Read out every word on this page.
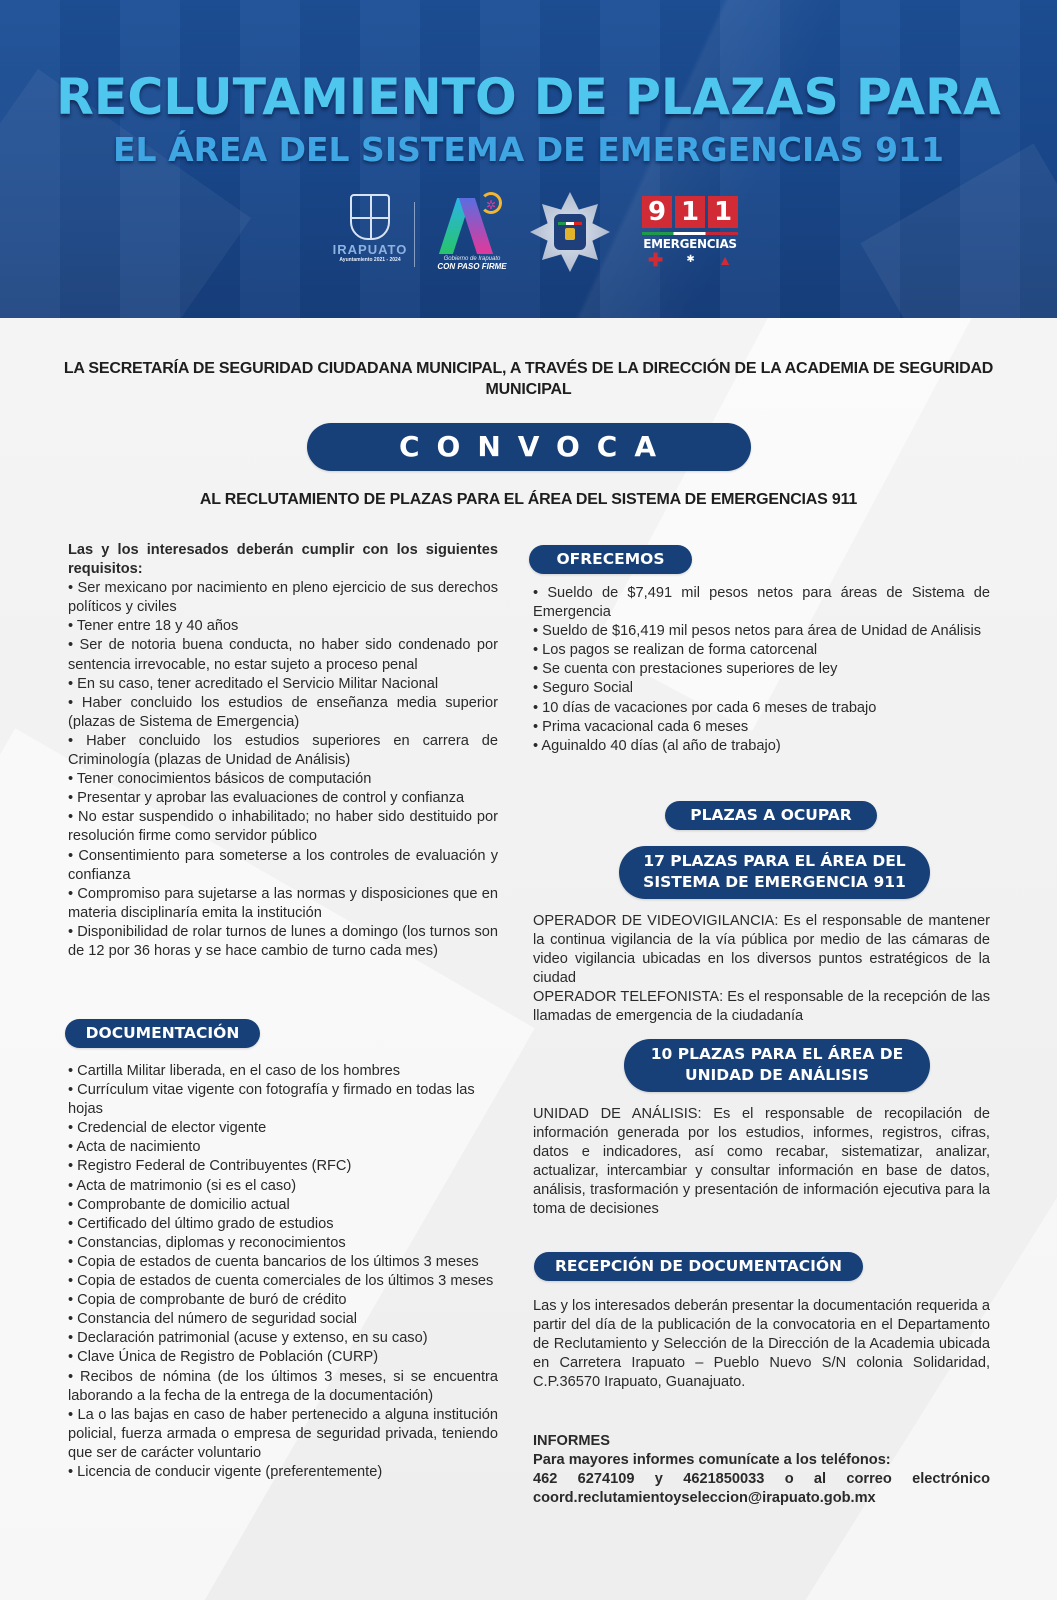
RECLUTAMIENTO DE PLAZAS PARA
EL ÁREA DEL SISTEMA DE EMERGENCIAS 911
IRAPUATO
Ayuntamiento 2021 - 2024
✲
Gobierno de Irapuato
CON PASO FIRME
9 1 1
EMERGENCIAS
✚ ✱ ▲
LA SECRETARÍA DE SEGURIDAD CIUDADANA MUNICIPAL, A TRAVÉS DE LA DIRECCIÓN DE LA ACADEMIA DE SEGURIDAD MUNICIPAL
CONVOCA
AL RECLUTAMIENTO DE PLAZAS PARA EL ÁREA DEL SISTEMA DE EMERGENCIAS 911
Las y los interesados deberán cumplir con los siguientes requisitos:
• Ser mexicano por nacimiento en pleno ejercicio de sus derechos políticos y civiles
• Tener entre 18 y 40 años
• Ser de notoria buena conducta, no haber sido condenado por sentencia irrevocable, no estar sujeto a proceso penal
• En su caso, tener acreditado el Servicio Militar Nacional
• Haber concluido los estudios de enseñanza media superior (plazas de Sistema de Emergencia)
• Haber concluido los estudios superiores en carrera de Criminología (plazas de Unidad de Análisis)
• Tener conocimientos básicos de computación
• Presentar y aprobar las evaluaciones de control y confianza
• No estar suspendido o inhabilitado; no haber sido destituido por resolución firme como servidor público
• Consentimiento para someterse a los controles de evaluación y confianza
• Compromiso para sujetarse a las normas y disposiciones que en materia disciplinaría emita la institución
• Disponibilidad de rolar turnos de lunes a domingo (los turnos son de 12 por 36 horas y se hace cambio de turno cada mes)
DOCUMENTACIÓN
• Cartilla Militar liberada, en el caso de los hombres
• Currículum vitae vigente con fotografía y firmado en todas las hojas
• Credencial de elector vigente
• Acta de nacimiento
• Registro Federal de Contribuyentes (RFC)
• Acta de matrimonio (si es el caso)
• Comprobante de domicilio actual
• Certificado del último grado de estudios
• Constancias, diplomas y reconocimientos
• Copia de estados de cuenta bancarios de los últimos 3 meses
• Copia de estados de cuenta comerciales de los últimos 3 meses
• Copia de comprobante de buró de crédito
• Constancia del número de seguridad social
• Declaración patrimonial (acuse y extenso, en su caso)
• Clave Única de Registro de Población (CURP)
• Recibos de nómina (de los últimos 3 meses, si se encuentra laborando a la fecha de la entrega de la documentación)
• La o las bajas en caso de haber pertenecido a alguna institución policial, fuerza armada o empresa de seguridad privada, teniendo que ser de carácter voluntario
• Licencia de conducir vigente (preferentemente)
OFRECEMOS
• Sueldo de $7,491 mil pesos netos para áreas de Sistema de Emergencia
• Sueldo de $16,419 mil pesos netos para área de Unidad de Análisis
• Los pagos se realizan de forma catorcenal
• Se cuenta con prestaciones superiores de ley
• Seguro Social
• 10 días de vacaciones por cada 6 meses de trabajo
• Prima vacacional cada 6 meses
• Aguinaldo 40 días (al año de trabajo)
PLAZAS A OCUPAR
17 PLAZAS PARA EL ÁREA DEL
SISTEMA DE EMERGENCIA 911
OPERADOR DE VIDEOVIGILANCIA: Es el responsable de mantener la continua vigilancia de la vía pública por medio de las cámaras de video vigilancia ubicadas en los diversos puntos estratégicos de la ciudad
OPERADOR TELEFONISTA: Es el responsable de la recepción de las llamadas de emergencia de la ciudadanía
10 PLAZAS PARA EL ÁREA DE
UNIDAD DE ANÁLISIS
UNIDAD DE ANÁLISIS: Es el responsable de recopilación de información generada por los estudios, informes, registros, cifras, datos e indicadores, así como recabar, sistematizar, analizar, actualizar, intercambiar y consultar información en base de datos, análisis, trasformación y presentación de información ejecutiva para la toma de decisiones
RECEPCIÓN DE DOCUMENTACIÓN
Las y los interesados deberán presentar la documentación requerida a partir del día de la publicación de la convocatoria en el Departamento de Reclutamiento y Selección de la Dirección de la Academia ubicada en Carretera Irapuato – Pueblo Nuevo S/N colonia Solidaridad, C.P.36570 Irapuato, Guanajuato.
INFORMES
Para mayores informes comunícate a los teléfonos:
462 6274109 y 4621850033 o al correo electrónico
coord.reclutamientoyseleccion@irapuato.gob.mx
